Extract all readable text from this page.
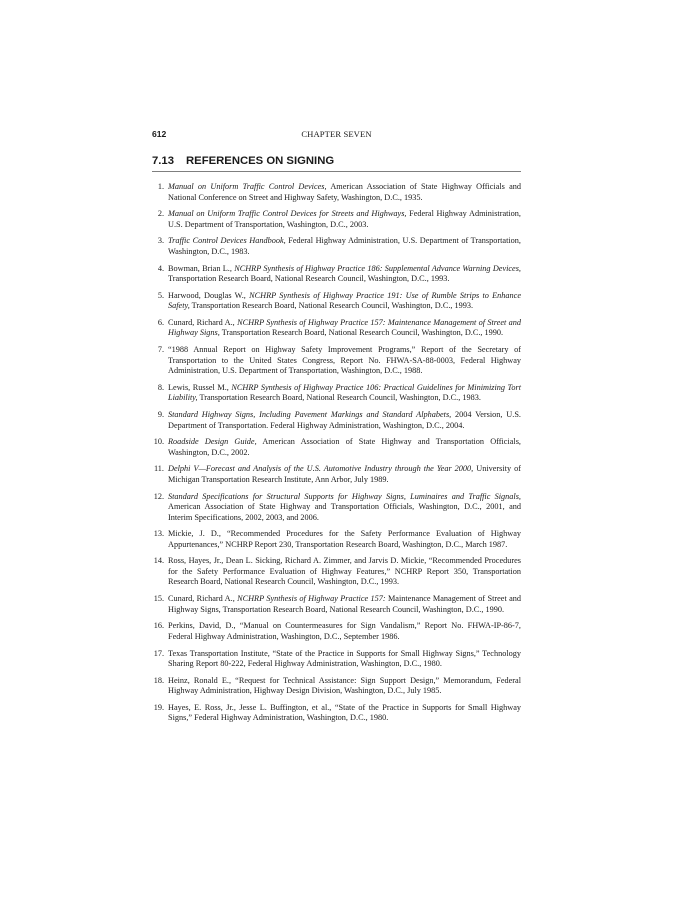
612	CHAPTER SEVEN
7.13 REFERENCES ON SIGNING
1. Manual on Uniform Traffic Control Devices, American Association of State Highway Officials and National Conference on Street and Highway Safety, Washington, D.C., 1935.
2. Manual on Uniform Traffic Control Devices for Streets and Highways, Federal Highway Administration, U.S. Department of Transportation, Washington, D.C., 2003.
3. Traffic Control Devices Handbook, Federal Highway Administration, U.S. Department of Transportation, Washington, D.C., 1983.
4. Bowman, Brian L., NCHRP Synthesis of Highway Practice 186: Supplemental Advance Warning Devices, Transportation Research Board, National Research Council, Washington, D.C., 1993.
5. Harwood, Douglas W., NCHRP Synthesis of Highway Practice 191: Use of Rumble Strips to Enhance Safety, Transportation Research Board, National Research Council, Washington, D.C., 1993.
6. Cunard, Richard A., NCHRP Synthesis of Highway Practice 157: Maintenance Management of Street and Highway Signs, Transportation Research Board, National Research Council, Washington, D.C., 1990.
7. “1988 Annual Report on Highway Safety Improvement Programs,” Report of the Secretary of Transportation to the United States Congress, Report No. FHWA-SA-88-0003, Federal Highway Administration, U.S. Department of Transportation, Washington, D.C., 1988.
8. Lewis, Russel M., NCHRP Synthesis of Highway Practice 106: Practical Guidelines for Minimizing Tort Liability, Transportation Research Board, National Research Council, Washington, D.C., 1983.
9. Standard Highway Signs, Including Pavement Markings and Standard Alphabets, 2004 Version, U.S. Department of Transportation. Federal Highway Administration, Washington, D.C., 2004.
10. Roadside Design Guide, American Association of State Highway and Transportation Officials, Washington, D.C., 2002.
11. Delphi V—Forecast and Analysis of the U.S. Automotive Industry through the Year 2000, University of Michigan Transportation Research Institute, Ann Arbor, July 1989.
12. Standard Specifications for Structural Supports for Highway Signs, Luminaires and Traffic Signals, American Association of State Highway and Transportation Officials, Washington, D.C., 2001, and Interim Specifications, 2002, 2003, and 2006.
13. Mickie, J. D., “Recommended Procedures for the Safety Performance Evaluation of Highway Appurtenances,” NCHRP Report 230, Transportation Research Board, Washington, D.C., March 1987.
14. Ross, Hayes, Jr., Dean L. Sicking, Richard A. Zimmer, and Jarvis D. Mickie, “Recommended Procedures for the Safety Performance Evaluation of Highway Features,” NCHRP Report 350, Transportation Research Board, National Research Council, Washington, D.C., 1993.
15. Cunard, Richard A., NCHRP Synthesis of Highway Practice 157: Maintenance Management of Street and Highway Signs, Transportation Research Board, National Research Council, Washington, D.C., 1990.
16. Perkins, David, D., “Manual on Countermeasures for Sign Vandalism,” Report No. FHWA-IP-86-7, Federal Highway Administration, Washington, D.C., September 1986.
17. Texas Transportation Institute, “State of the Practice in Supports for Small Highway Signs,” Technology Sharing Report 80-222, Federal Highway Administration, Washington, D.C., 1980.
18. Heinz, Ronald E., “Request for Technical Assistance: Sign Support Design,” Memorandum, Federal Highway Administration, Highway Design Division, Washington, D.C., July 1985.
19. Hayes, E. Ross, Jr., Jesse L. Buffington, et al., “State of the Practice in Supports for Small Highway Signs,” Federal Highway Administration, Washington, D.C., 1980.
